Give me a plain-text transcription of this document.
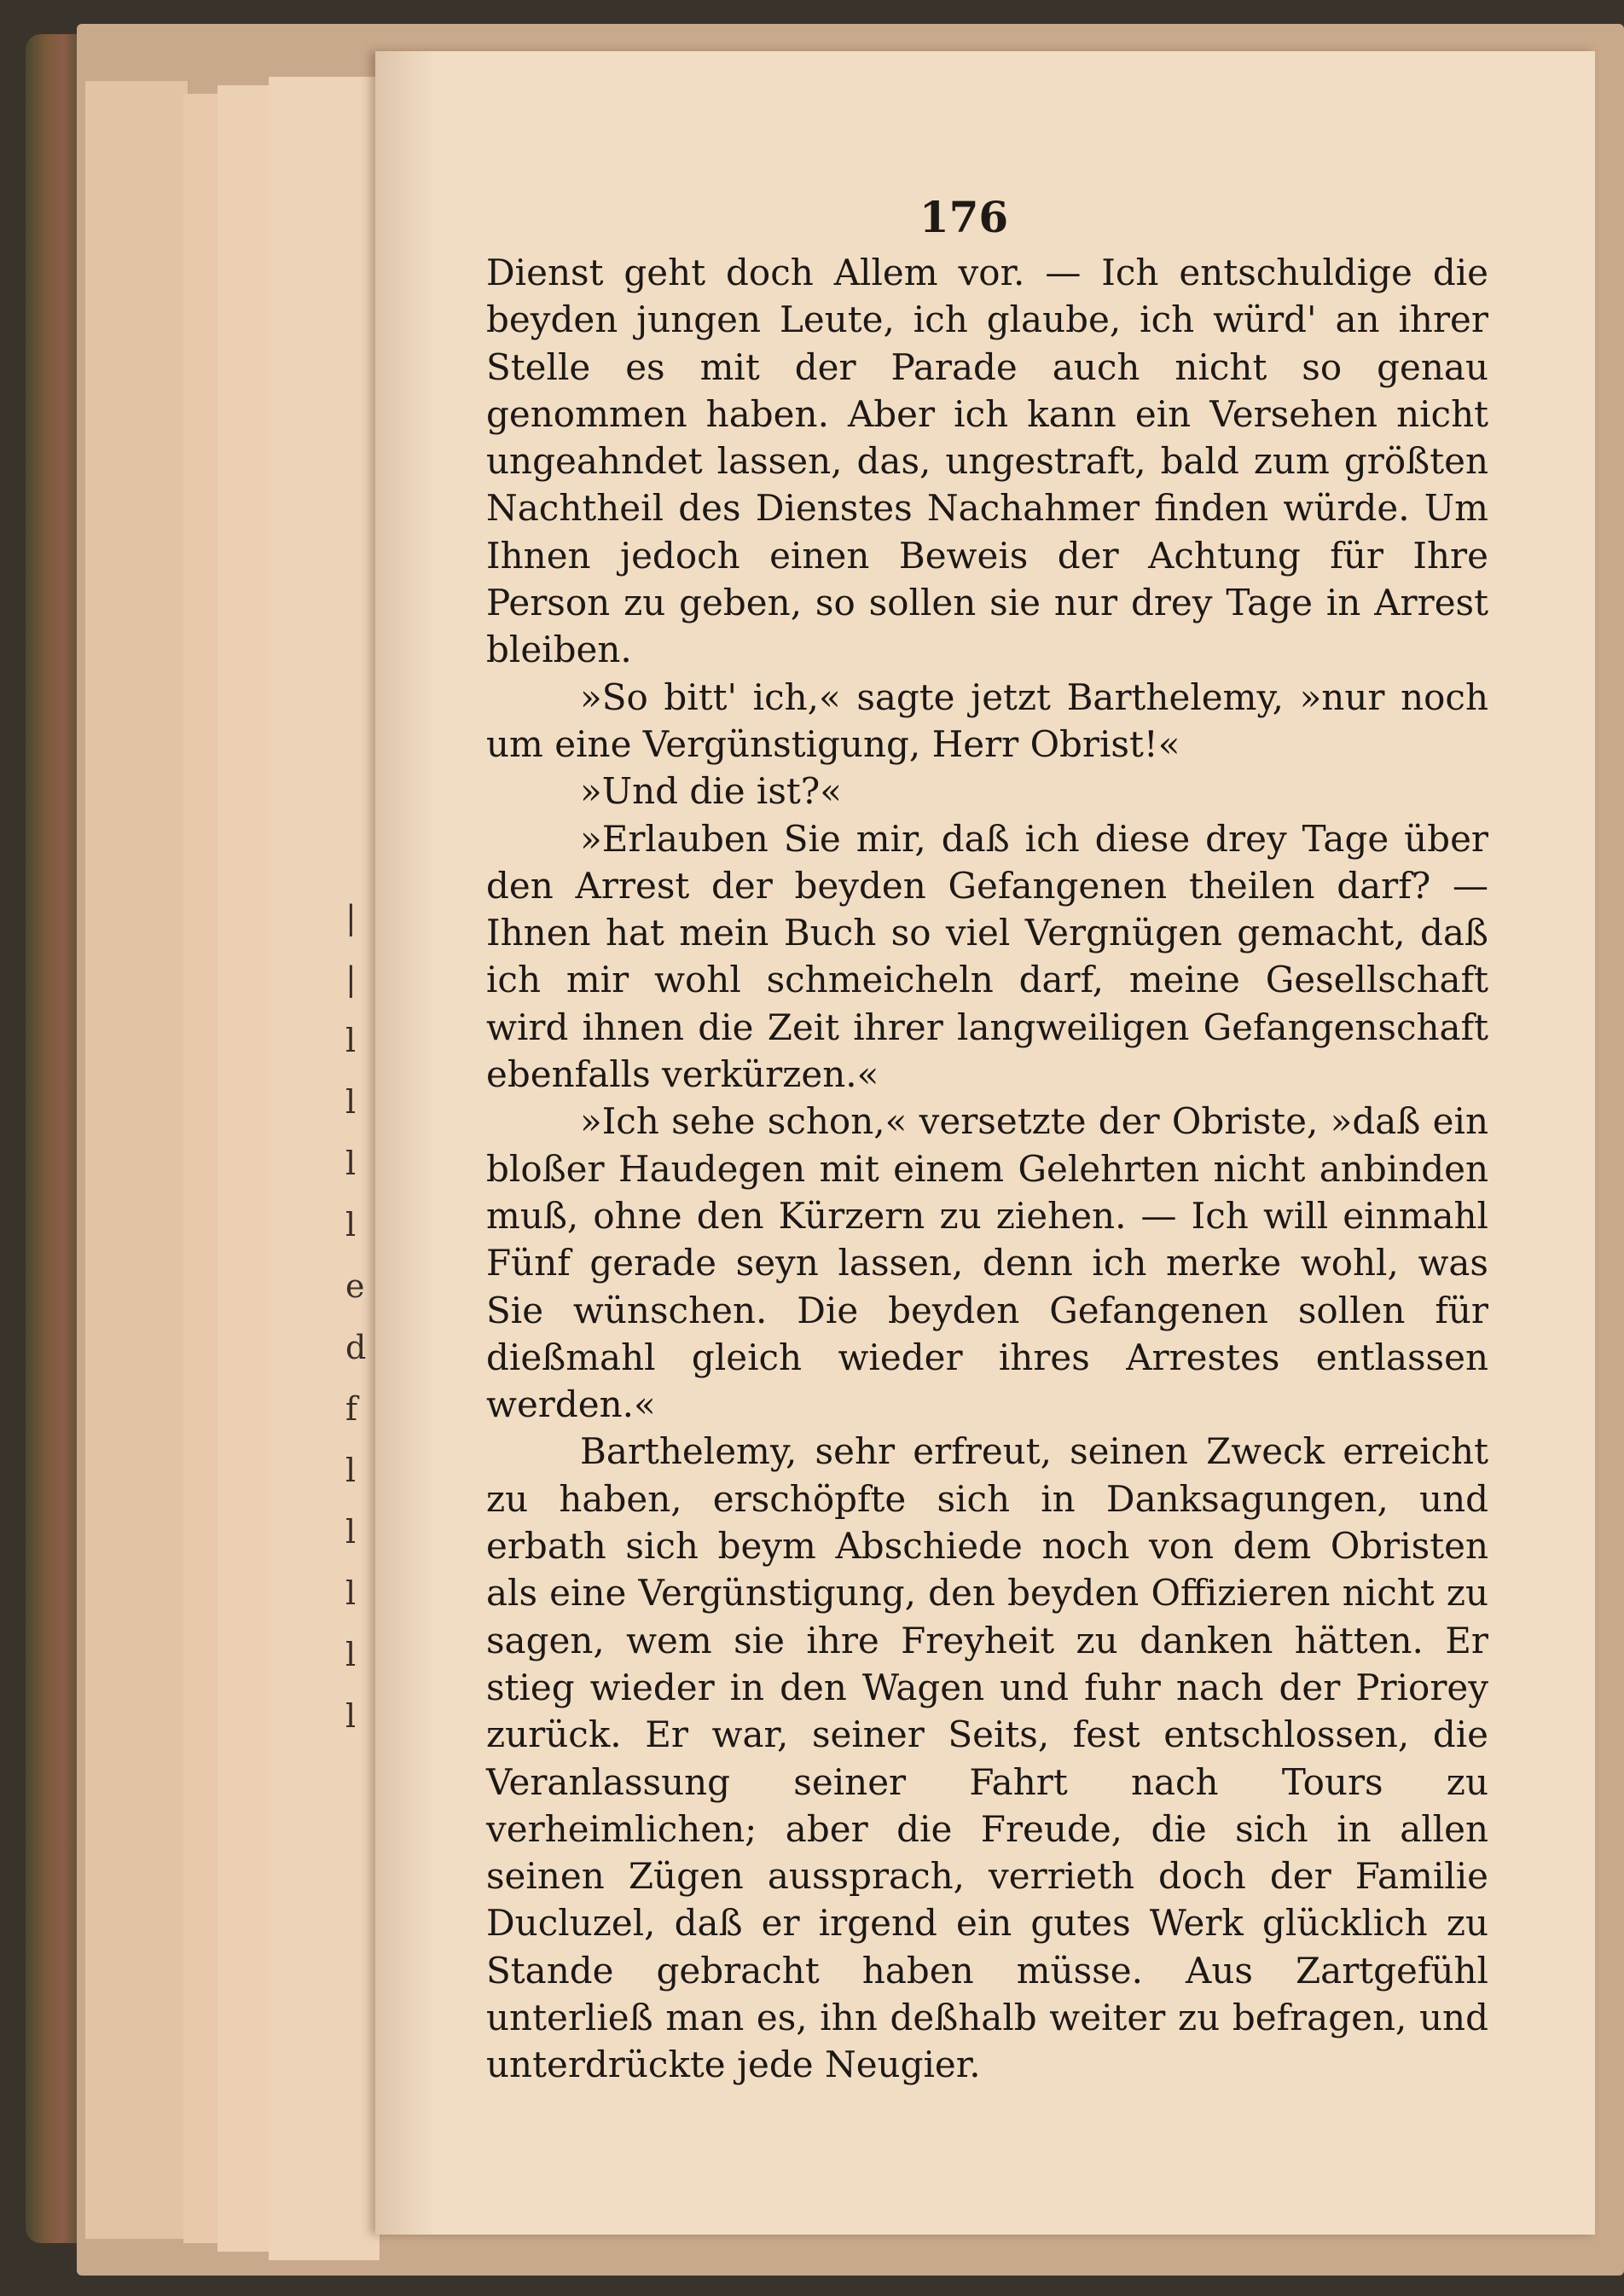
|
|
l
l
l
l
e
d
f
l
l
l
l
l
176

Dienst geht doch Allem vor. — Ich entschuldige die beyden jungen Leute, ich glaube, ich würd' an ihrer Stelle es mit der Parade auch nicht so genau genommen haben. Aber ich kann ein Versehen nicht ungeahndet lassen, das, ungestraft, bald zum größten Nachtheil des Dienstes Nachahmer finden würde. Um Ihnen jedoch einen Beweis der Achtung für Ihre Person zu geben, so sollen sie nur drey Tage in Arrest bleiben.

»So bitt' ich,« sagte jetzt Barthelemy, »nur noch um eine Vergünstigung, Herr Obrist!«

»Und die ist?«

»Erlauben Sie mir, daß ich diese drey Tage über den Arrest der beyden Gefangenen theilen darf? — Ihnen hat mein Buch so viel Vergnügen gemacht, daß ich mir wohl schmeicheln darf, meine Gesellschaft wird ihnen die Zeit ihrer langweiligen Gefangenschaft ebenfalls verkürzen.«

»Ich sehe schon,« versetzte der Obriste, »daß ein bloßer Haudegen mit einem Gelehrten nicht anbinden muß, ohne den Kürzern zu ziehen. — Ich will einmahl Fünf gerade seyn lassen, denn ich merke wohl, was Sie wünschen. Die beyden Gefangenen sollen für dießmahl gleich wieder ihres Arrestes entlassen werden.«

Barthelemy, sehr erfreut, seinen Zweck erreicht zu haben, erschöpfte sich in Danksagungen, und erbath sich beym Abschiede noch von dem Obristen als eine Vergünstigung, den beyden Offizieren nicht zu sagen, wem sie ihre Freyheit zu danken hätten. Er stieg wieder in den Wagen und fuhr nach der Priorey zurück. Er war, seiner Seits, fest entschlossen, die Veranlassung seiner Fahrt nach Tours zu verheimlichen; aber die Freude, die sich in allen seinen Zügen aussprach, verrieth doch der Familie Ducluzel, daß er irgend ein gutes Werk glücklich zu Stande gebracht haben müsse. Aus Zartgefühl unterließ man es, ihn deßhalb weiter zu befragen, und unterdrückte jede Neugier.
